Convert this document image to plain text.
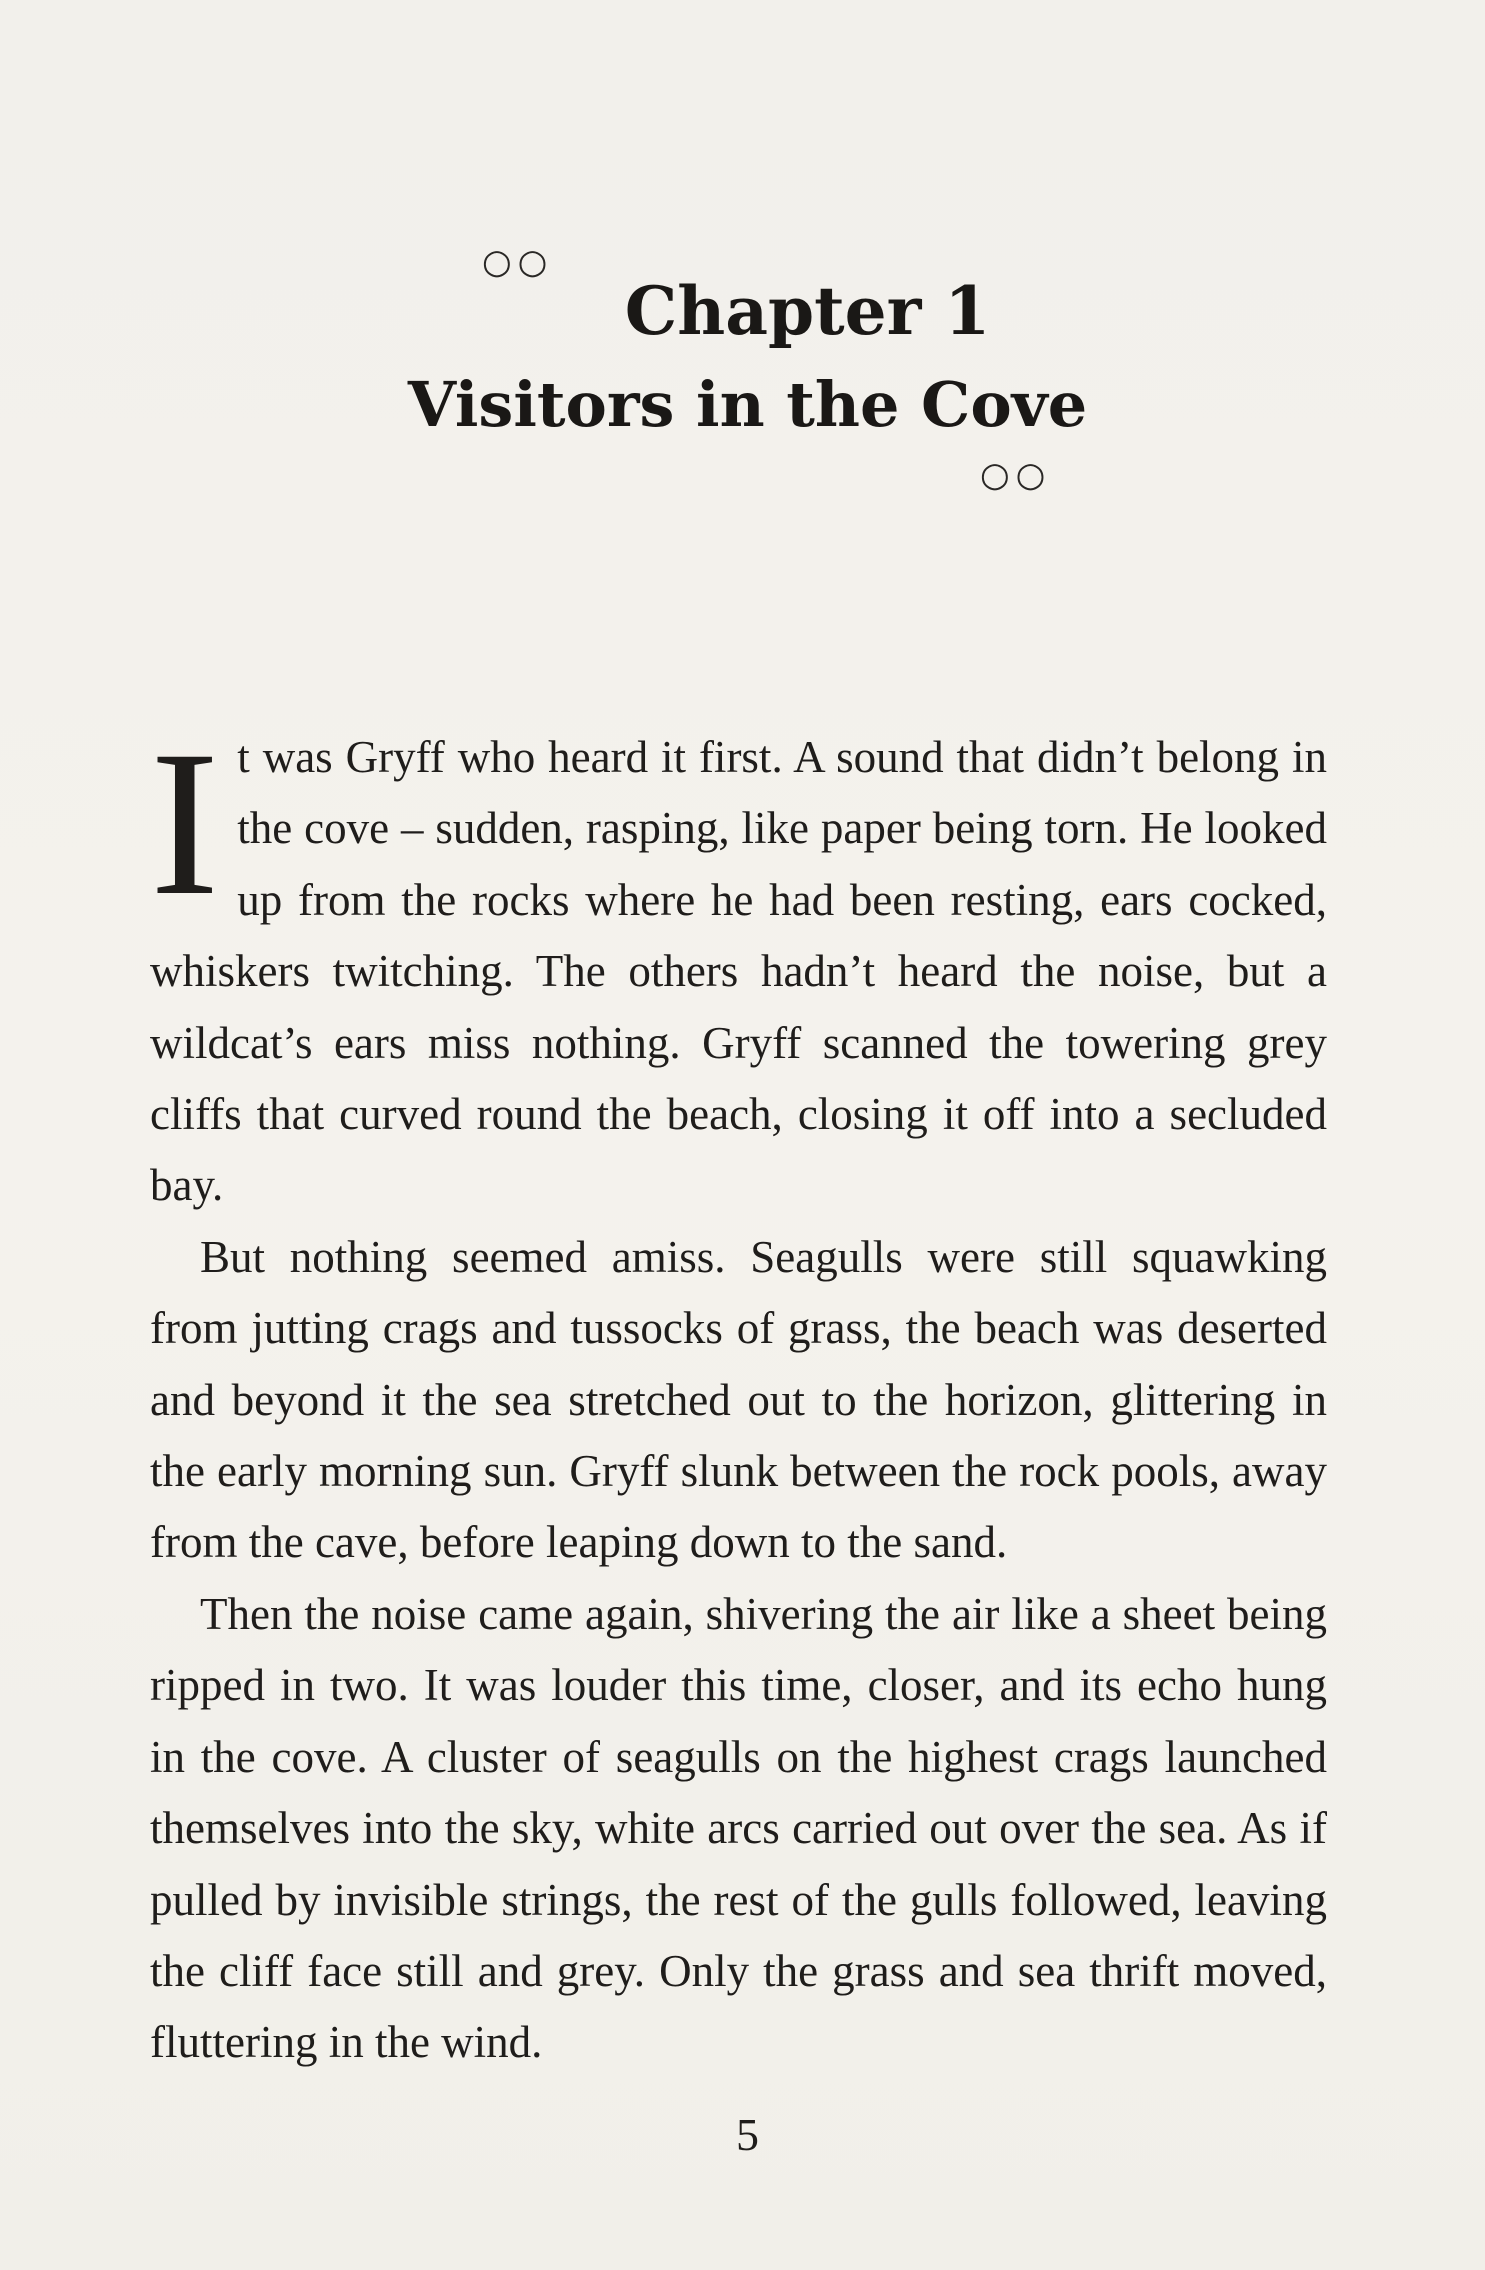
○○
Chapter 1
Visitors in the Cove
○○

It was Gryff who heard it first. A sound that didn’t belong in the cove – sudden, rasping, like paper being torn. He looked up from the rocks where he had been resting, ears cocked, whiskers twitching. The others hadn’t heard the noise, but a wildcat’s ears miss nothing. Gryff scanned the towering grey cliffs that curved round the beach, closing it off into a secluded bay.

But nothing seemed amiss. Seagulls were still squawking from jutting crags and tussocks of grass, the beach was deserted and beyond it the sea stretched out to the horizon, glittering in the early morning sun. Gryff slunk between the rock pools, away from the cave, before leaping down to the sand.

Then the noise came again, shivering the air like a sheet being ripped in two. It was louder this time, closer, and its echo hung in the cove. A cluster of seagulls on the highest crags launched themselves into the sky, white arcs carried out over the sea. As if pulled by invisible strings, the rest of the gulls followed, leaving the cliff face still and grey. Only the grass and sea thrift moved, fluttering in the wind.

5
